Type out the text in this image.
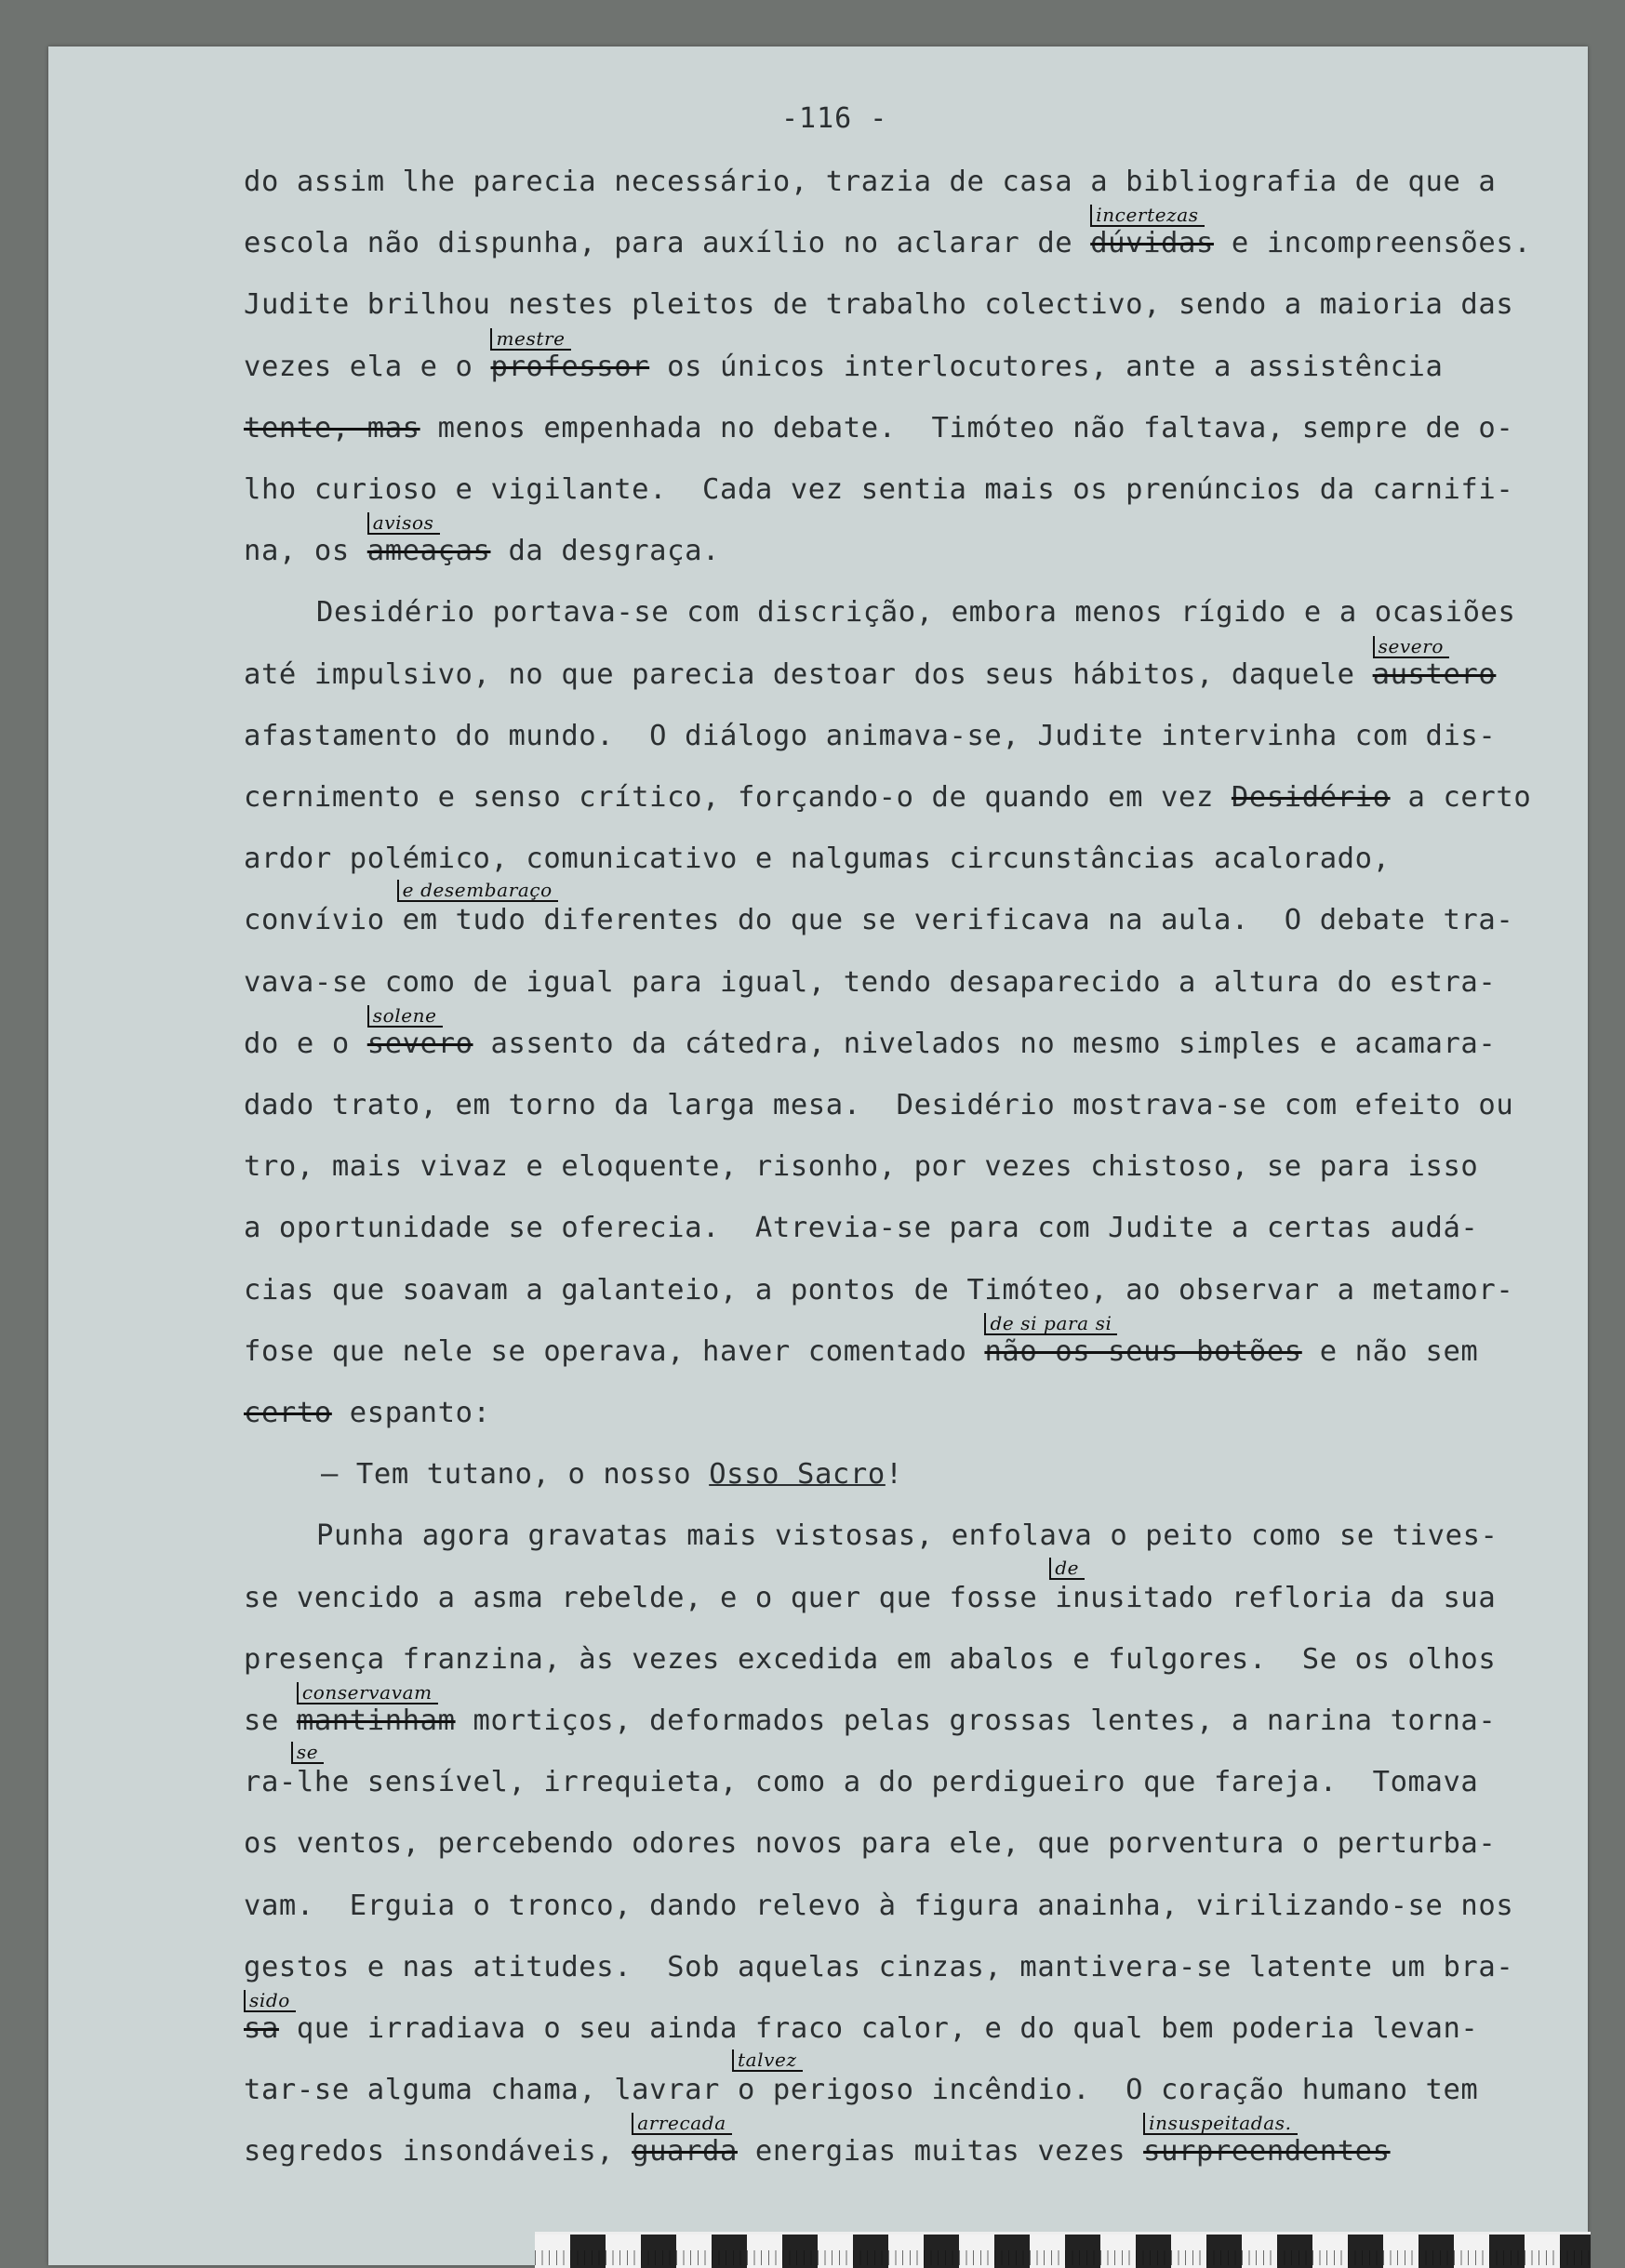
-116 -
do assim lhe parecia necessário, trazia de casa a bibliografia de que a
escola não dispunha, para auxílio no aclarar de dúvidas
incertezas
e incompreensões.
Judite brilhou nestes pleitos de trabalho colectivo, sendo a maioria das
vezes ela e o professor
mestre
os únicos interlocutores, ante a assistência
tente, mas menos empenhada no debate.  Timóteo não faltava, sempre de o-
lho curioso e vigilante.  Cada vez sentia mais os prenúncios da carnifi-
na, os ameaças
avisos
da desgraça.
Desidério portava-se com discrição, embora menos rígido e a ocasiões
até impulsivo, no que parecia destoar dos seus hábitos, daquele austero
severo
afastamento do mundo.  O diálogo animava-se, Judite intervinha com dis-
cernimento e senso crítico, forçando-o de quando em vez Desidério a certo
ardor polémico, comunicativo e nalgumas circunstâncias acalorado,
convívio
e desembaraço
em tudo diferentes do que se verificava na aula.  O debate tra-
vava-se como de igual para igual, tendo desaparecido a altura do estra-
do e o severo
solene
assento da cátedra, nivelados no mesmo simples e acamara-
dado trato, em torno da larga mesa.  Desidério mostrava-se com efeito ou
tro, mais vivaz e eloquente, risonho, por vezes chistoso, se para isso
a oportunidade se oferecia.  Atrevia-se para com Judite a certas audá-
cias que soavam a galanteio, a pontos de Timóteo, ao observar a metamor-
fose que nele se operava, haver comentado não os seus botões
de si para si
e não sem
certo espanto:
— Tem tutano, o nosso Osso Sacro!
Punha agora gravatas mais vistosas, enfolava o peito como se tives-
se vencido a asma rebelde, e o quer que fosse
de
inusitado refloria da sua
presença franzina, às vezes excedida em abalos e fulgores.  Se os olhos
se mantinham
conservavam
mortiços, deformados pelas grossas lentes, a narina torna-
ra-
se
lhe sensível, irrequieta, como a do perdigueiro que fareja.  Tomava
os ventos, percebendo odores novos para ele, que porventura o perturba-
vam.  Erguia o tronco, dando relevo à figura anainha, virilizando-se nos
gestos e nas atitudes.  Sob aquelas cinzas, mantivera-se latente um bra-
sa
sido
que irradiava o seu ainda fraco calor, e do qual bem poderia levan-
tar-se alguma chama, lavrar
talvez
o perigoso incêndio.  O coração humano tem
segredos insondáveis, guarda
arrecada
energias muitas vezes surpreendentes
insuspeitadas.
